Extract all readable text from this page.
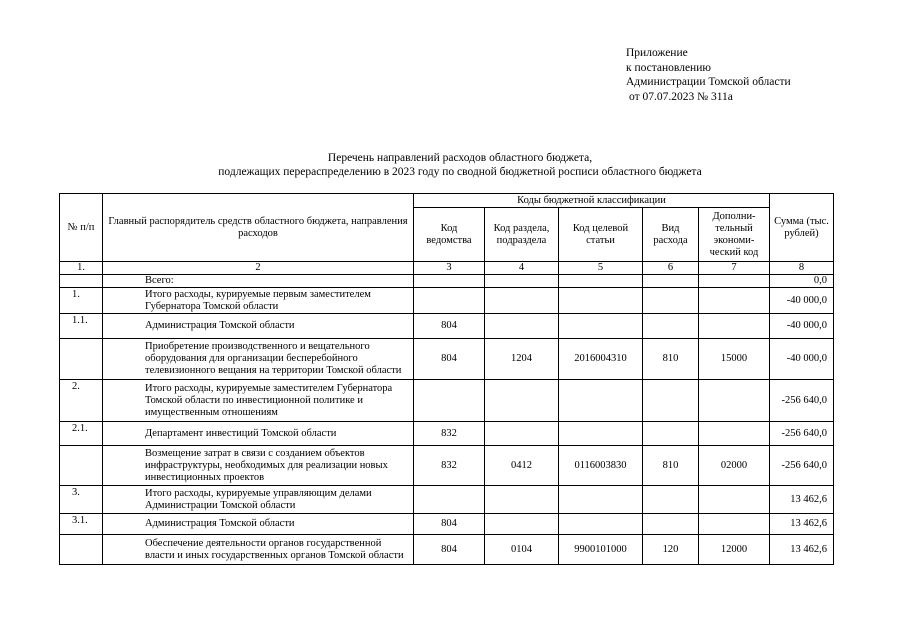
Приложение
к постановлению
Администрации Томской области
от 07.07.2023 № 311а
Перечень направлений расходов областного бюджета,
подлежащих перераспределению в 2023 году по сводной бюджетной росписи областного бюджета
№ п/п	Главный распорядитель средств областного бюджета, направления расходов	Коды бюджетной классификации					Сумма (тыс. рублей)
		Код ведомства	Код раздела, подраздела	Код целевой статьи	Вид расхода	Дополни-тельный экономи-ческий код	
1.	2	3	4	5	6	7	8
	Всего:						0,0
1.	Итого расходы, курируемые первым заместителем Губернатора Томской области						-40 000,0
1.1.	Администрация Томской области	804					-40 000,0
	Приобретение производственного и вещательного оборудования для организации бесперебойного телевизионного вещания на территории Томской области	804	1204	2016004310	810	15000	-40 000,0
2.	Итого расходы, курируемые заместителем Губернатора Томской области по инвестиционной политике и имущественным отношениям						-256 640,0
2.1.	Департамент инвестиций Томской области	832					-256 640,0
	Возмещение затрат в связи с созданием объектов инфраструктуры, необходимых для реализации новых инвестиционных проектов	832	0412	0116003830	810	02000	-256 640,0
3.	Итого расходы, курируемые управляющим делами Администрации Томской области						13 462,6
3.1.	Администрация Томской области	804					13 462,6
	Обеспечение деятельности органов государственной власти и иных государственных органов Томской области	804	0104	9900101000	120	12000	13 462,6
